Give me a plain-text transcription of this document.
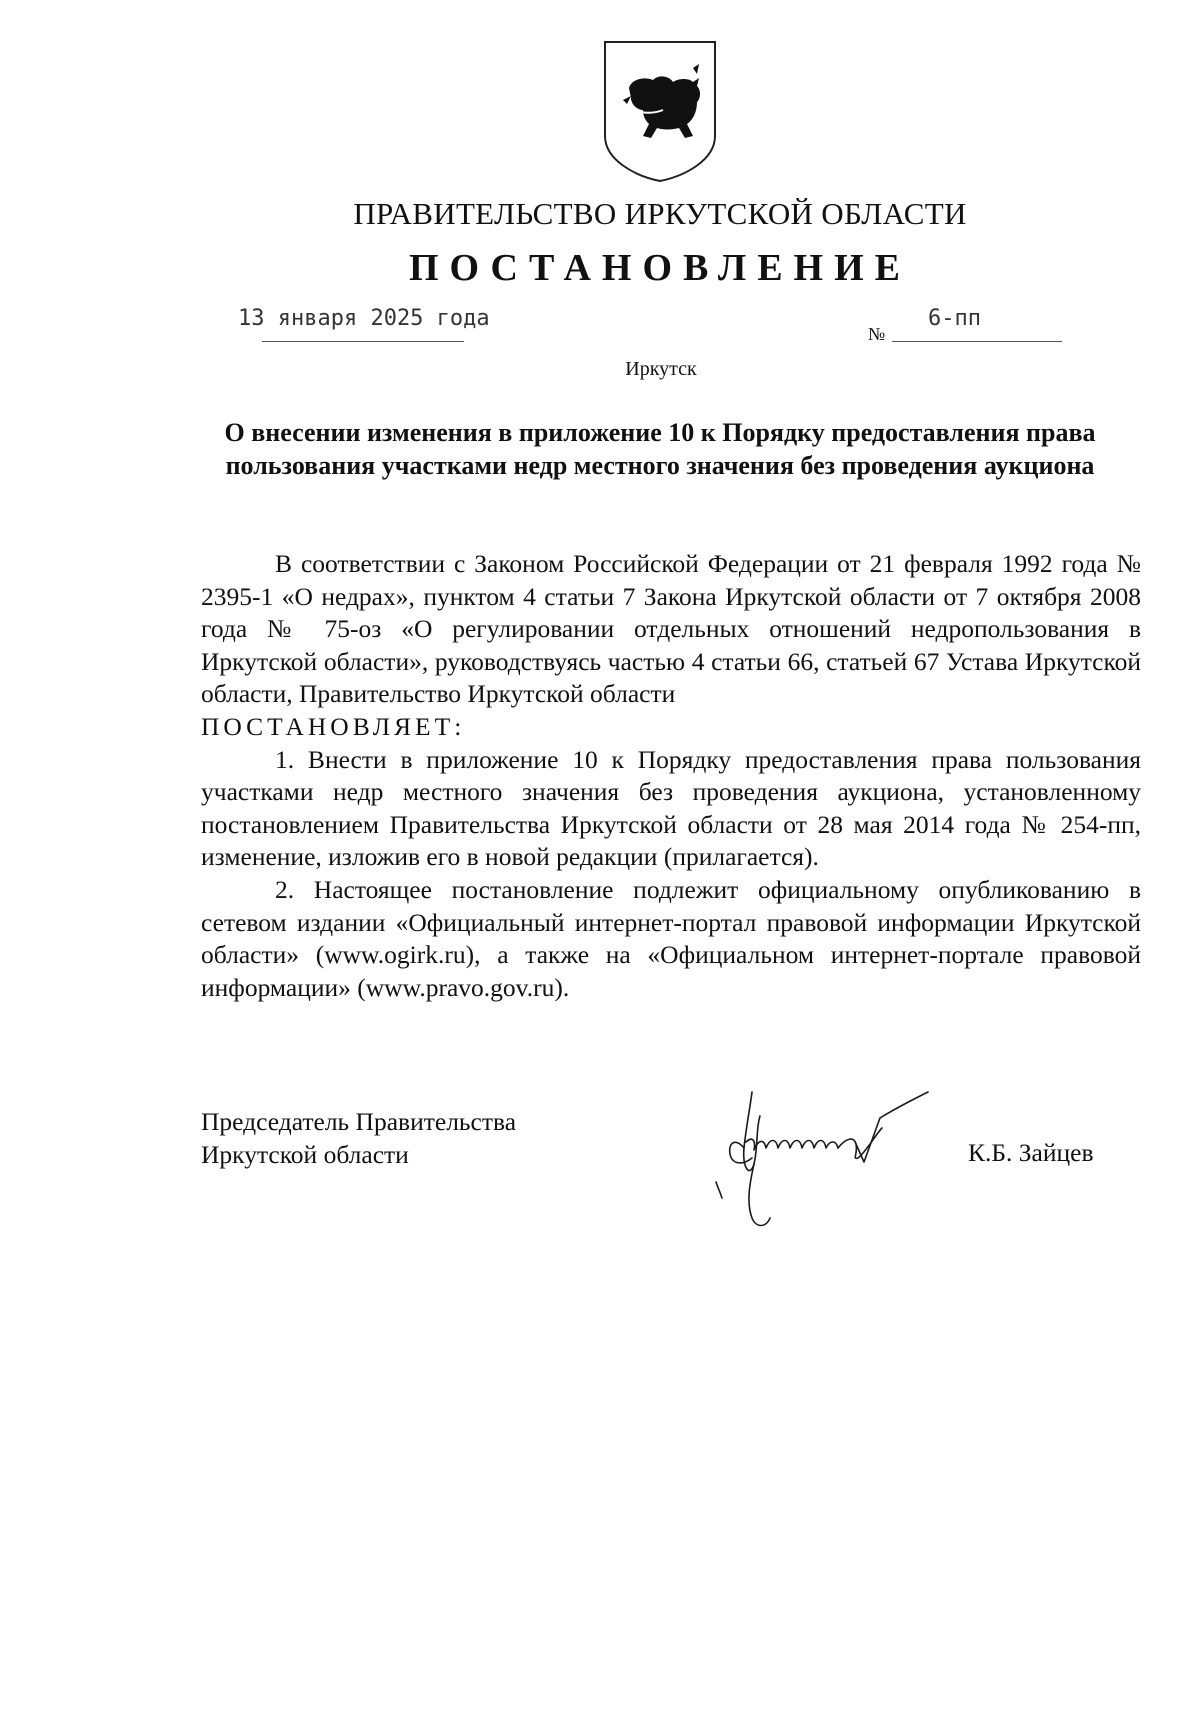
ПРАВИТЕЛЬСТВО ИРКУТСКОЙ ОБЛАСТИ
ПОСТАНОВЛЕНИЕ
13 января 2025 года
№
6-пп
Иркутск
О внесении изменения в приложение 10 к Порядку предоставления права пользования участками недр местного значения без проведения аукциона

В соответствии с Законом Российской Федерации от 21 февраля 1992 года № 2395-1 «О недрах», пунктом 4 статьи 7 Закона Иркутской области от 7 октября 2008 года № 75-оз «О регулировании отдельных отношений недропользования в Иркутской области», руководствуясь частью 4 статьи 66, статьей 67 Устава Иркутской области, Правительство Иркутской области

ПОСТАНОВЛЯЕТ:

1. Внести в приложение 10 к Порядку предоставления права пользования участками недр местного значения без проведения аукциона, установленному постановлением Правительства Иркутской области от 28 мая 2014 года № 254-пп, изменение, изложив его в новой редакции (прилагается).

2. Настоящее постановление подлежит официальному опубликованию в сетевом издании «Официальный интернет-портал правовой информации Иркутской области» (www.ogirk.ru), а также на «Официальном интернет-портале правовой информации» (www.pravo.gov.ru).

Председатель Правительства
Иркутской области	К.Б. Зайцев
